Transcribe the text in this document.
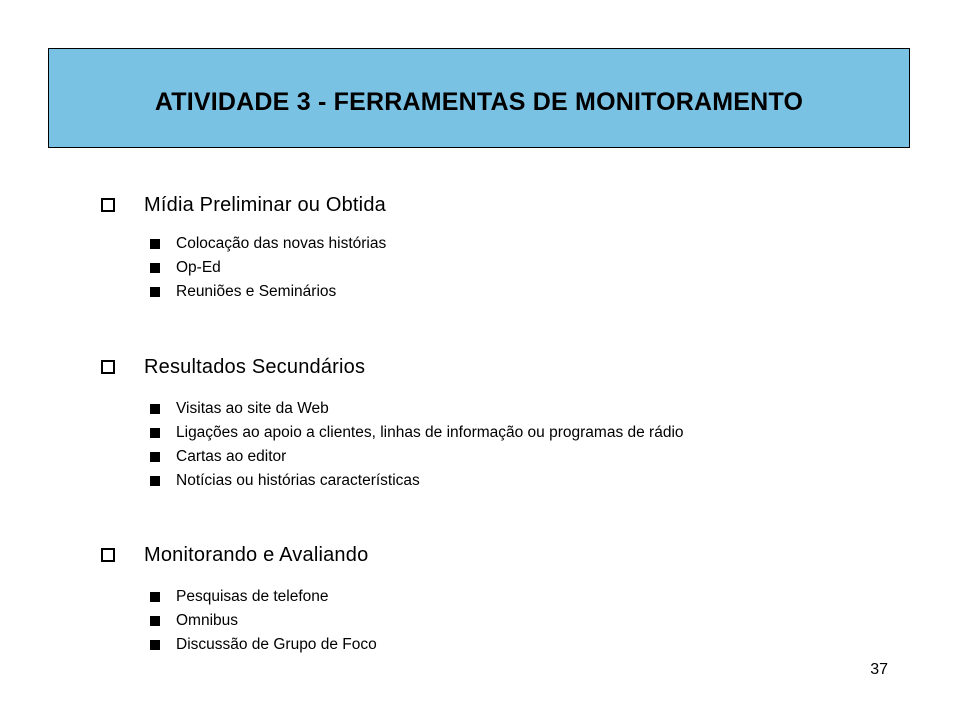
ATIVIDADE 3 - FERRAMENTAS DE MONITORAMENTO
Mídia Preliminar ou Obtida
Colocação das novas histórias
Op-Ed
Reuniões e Seminários
Resultados Secundários
Visitas ao site da Web
Ligações ao apoio a clientes, linhas de informação ou programas de rádio
Cartas ao editor
Notícias ou histórias características
Monitorando e Avaliando
Pesquisas de telefone
Omnibus
Discussão de Grupo de Foco
37
